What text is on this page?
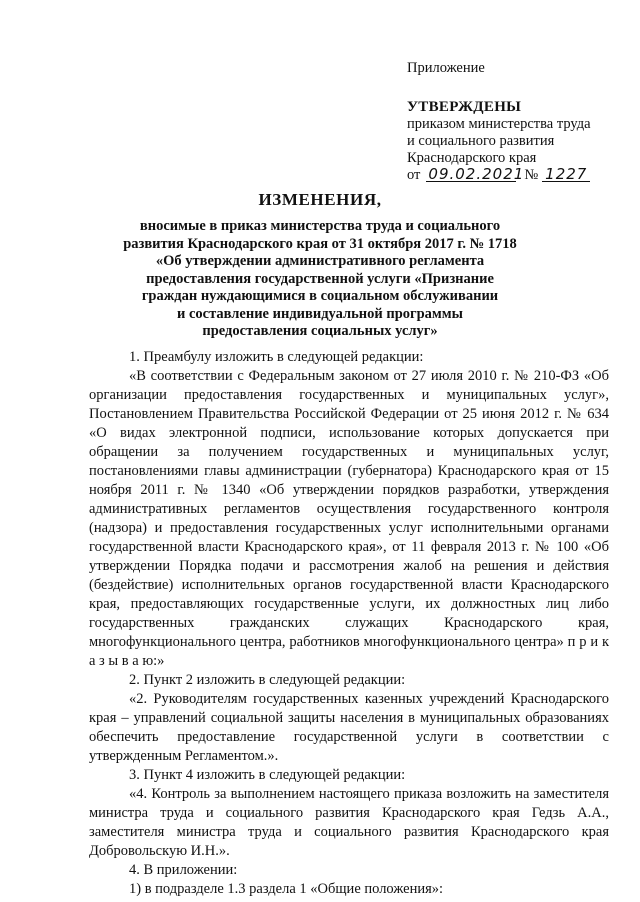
Приложение
УТВЕРЖДЕНЫ
приказом министерства труда
и социального развития
Краснодарского края
от 09.02.2021 № 1227
ИЗМЕНЕНИЯ,
вносимые в приказ министерства труда и социального
развития Краснодарского края от 31 октября 2017 г. № 1718
«Об утверждении административного регламента
предоставления государственной услуги «Признание
граждан нуждающимися в социальном обслуживании
и составление индивидуальной программы
предоставления социальных услуг»

1. Преамбулу изложить в следующей редакции:

«В соответствии с Федеральным законом от 27 июля 2010 г. № 210-ФЗ «Об организации предоставления государственных и муниципальных услуг», Постановлением Правительства Российской Федерации от 25 июня 2012 г. № 634 «О видах электронной подписи, использование которых допускается при обращении за получением государственных и муниципальных услуг, постановлениями главы администрации (губернатора) Краснодарского края от 15 ноября 2011 г. № 1340 «Об утверждении порядков разработки, утверждения административных регламентов осуществления государственного контроля (надзора) и предоставления государственных услуг исполнительными органами государственной власти Краснодарского края», от 11 февраля 2013 г. № 100 «Об утверждении Порядка подачи и рассмотрения жалоб на решения и действия (бездействие) исполнительных органов государственной власти Краснодарского края, предоставляющих государственные услуги, их должностных лиц либо государственных гражданских служащих Краснодарского края, многофункционального центра, работников многофункционального центра» п р и к а з ы в а ю:»

2. Пункт 2 изложить в следующей редакции:

«2. Руководителям государственных казенных учреждений Краснодарского края – управлений социальной защиты населения в муниципальных образованиях обеспечить предоставление государственной услуги в соответствии с утвержденным Регламентом.».

3. Пункт 4 изложить в следующей редакции:

«4. Контроль за выполнением настоящего приказа возложить на заместителя министра труда и социального развития Краснодарского края Гедзь А.А., заместителя министра труда и социального развития Краснодарского края Добровольскую И.Н.».

4. В приложении:

1) в подразделе 1.3 раздела 1 «Общие положения»:
